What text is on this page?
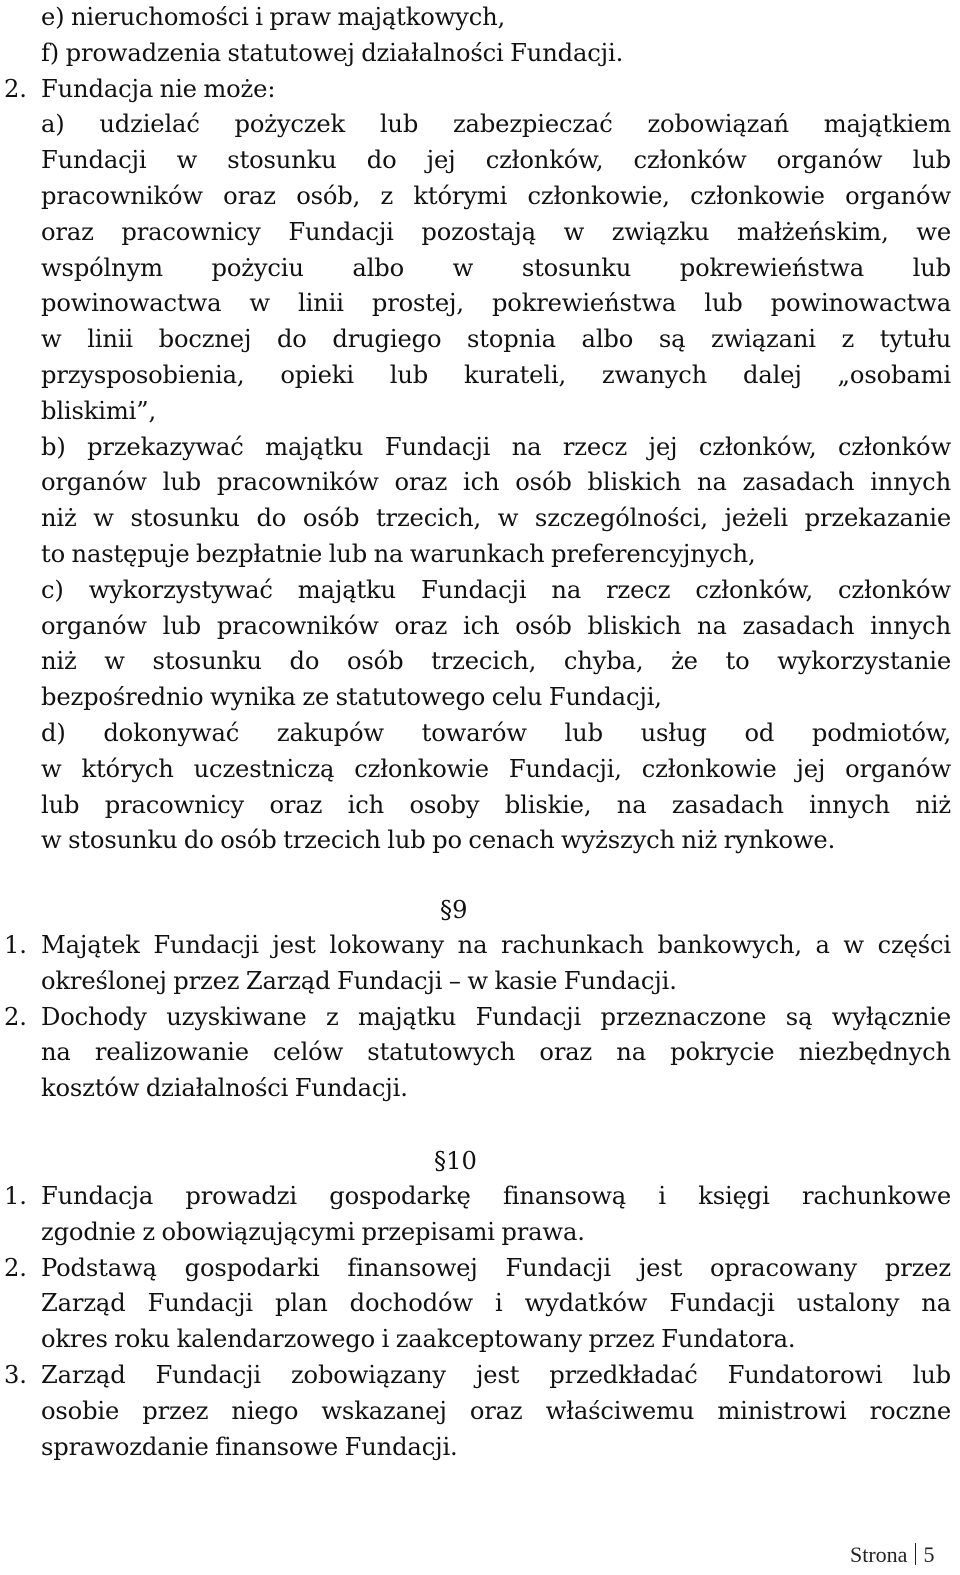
e) nieruchomości i praw majątkowych,
f) prowadzenia statutowej działalności Fundacji.
2. Fundacja nie może:
a) udzielać pożyczek lub zabezpieczać zobowiązań majątkiem
Fundacji w stosunku do jej członków, członków organów lub
pracowników oraz osób, z którymi członkowie, członkowie organów
oraz pracownicy Fundacji pozostają w związku małżeńskim, we
wspólnym pożyciu albo w stosunku pokrewieństwa lub
powinowactwa w linii prostej, pokrewieństwa lub powinowactwa
w linii bocznej do drugiego stopnia albo są związani z tytułu
przysposobienia, opieki lub kurateli, zwanych dalej „osobami
bliskimi”,
b) przekazywać majątku Fundacji na rzecz jej członków, członków
organów lub pracowników oraz ich osób bliskich na zasadach innych
niż w stosunku do osób trzecich, w szczególności, jeżeli przekazanie
to następuje bezpłatnie lub na warunkach preferencyjnych,
c) wykorzystywać majątku Fundacji na rzecz członków, członków
organów lub pracowników oraz ich osób bliskich na zasadach innych
niż w stosunku do osób trzecich, chyba, że to wykorzystanie
bezpośrednio wynika ze statutowego celu Fundacji,
d) dokonywać zakupów towarów lub usług od podmiotów,
w których uczestniczą członkowie Fundacji, członkowie jej organów
lub pracownicy oraz ich osoby bliskie, na zasadach innych niż
w stosunku do osób trzecich lub po cenach wyższych niż rynkowe.
§9
1. Majątek Fundacji jest lokowany na rachunkach bankowych, a w części
określonej przez Zarząd Fundacji – w kasie Fundacji.
2. Dochody uzyskiwane z majątku Fundacji przeznaczone są wyłącznie
na realizowanie celów statutowych oraz na pokrycie niezbędnych
kosztów działalności Fundacji.
§10
1. Fundacja prowadzi gospodarkę finansową i księgi rachunkowe
zgodnie z obowiązującymi przepisami prawa.
2. Podstawą gospodarki finansowej Fundacji jest opracowany przez
Zarząd Fundacji plan dochodów i wydatków Fundacji ustalony na
okres roku kalendarzowego i zaakceptowany przez Fundatora.
3. Zarząd Fundacji zobowiązany jest przedkładać Fundatorowi lub
osobie przez niego wskazanej oraz właściwemu ministrowi roczne
sprawozdanie finansowe Fundacji.
Strona 5
